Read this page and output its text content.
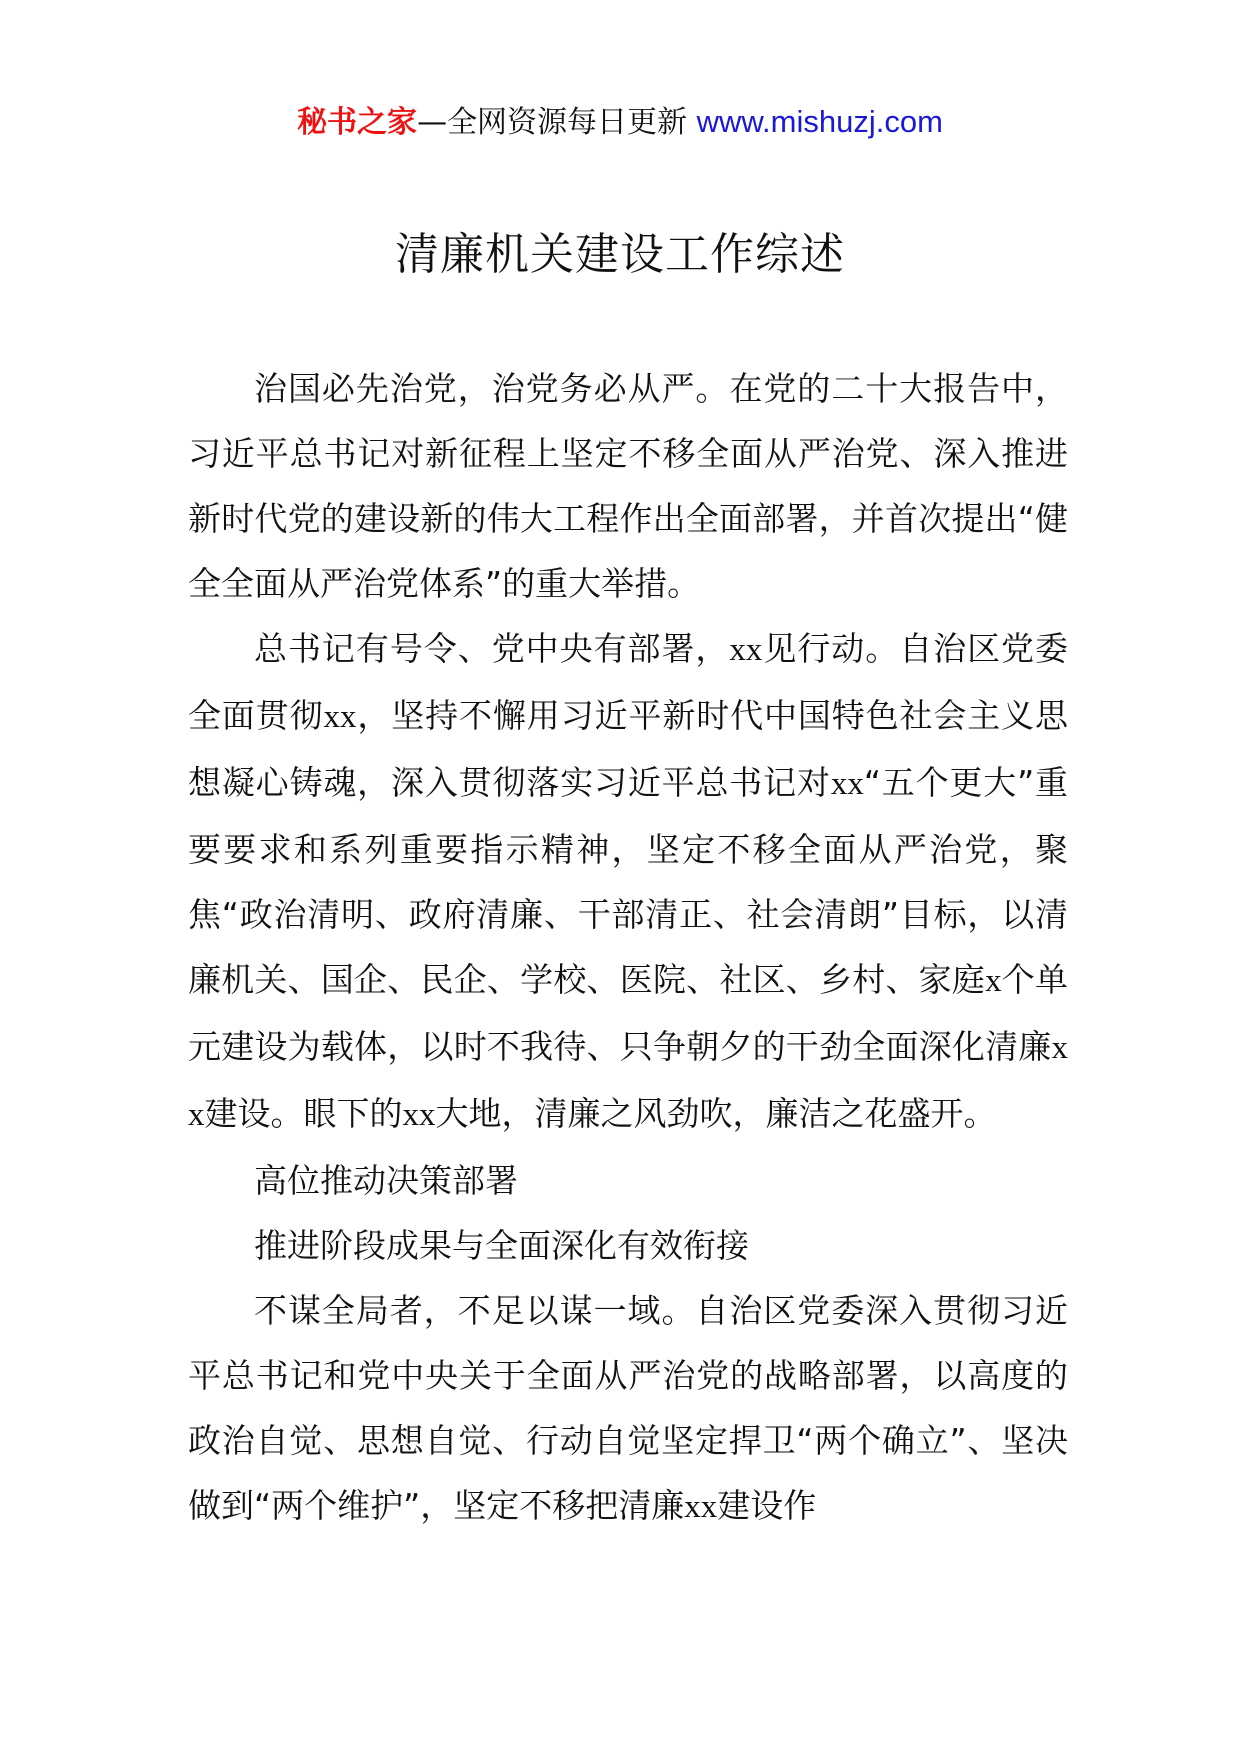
秘书之家—全网资源每日更新 www.mishuzj.com
清廉机关建设工作综述

治国必先治党，治党务必从严。在党的二十大报告中，习近平总书记对新征程上坚定不移全面从严治党、深入推进新时代党的建设新的伟大工程作出全面部署，并首次提出“健全全面从严治党体系”的重大举措。

总书记有号令、党中央有部署，xx见行动。自治区党委全面贯彻xx，坚持不懈用习近平新时代中国特色社会主义思想凝心铸魂，深入贯彻落实习近平总书记对xx“五个更大”重要要求和系列重要指示精神，坚定不移全面从严治党，聚焦“政治清明、政府清廉、干部清正、社会清朗”目标，以清廉机关、国企、民企、学校、医院、社区、乡村、家庭x个单元建设为载体，以时不我待、只争朝夕的干劲全面深化清廉xx建设。眼下的xx大地，清廉之风劲吹，廉洁之花盛开。

高位推动决策部署

推进阶段成果与全面深化有效衔接

不谋全局者，不足以谋一域。自治区党委深入贯彻习近平总书记和党中央关于全面从严治党的战略部署，以高度的政治自觉、思想自觉、行动自觉坚定捍卫“两个确立”、坚决做到“两个维护”，坚定不移把清廉xx建设作
